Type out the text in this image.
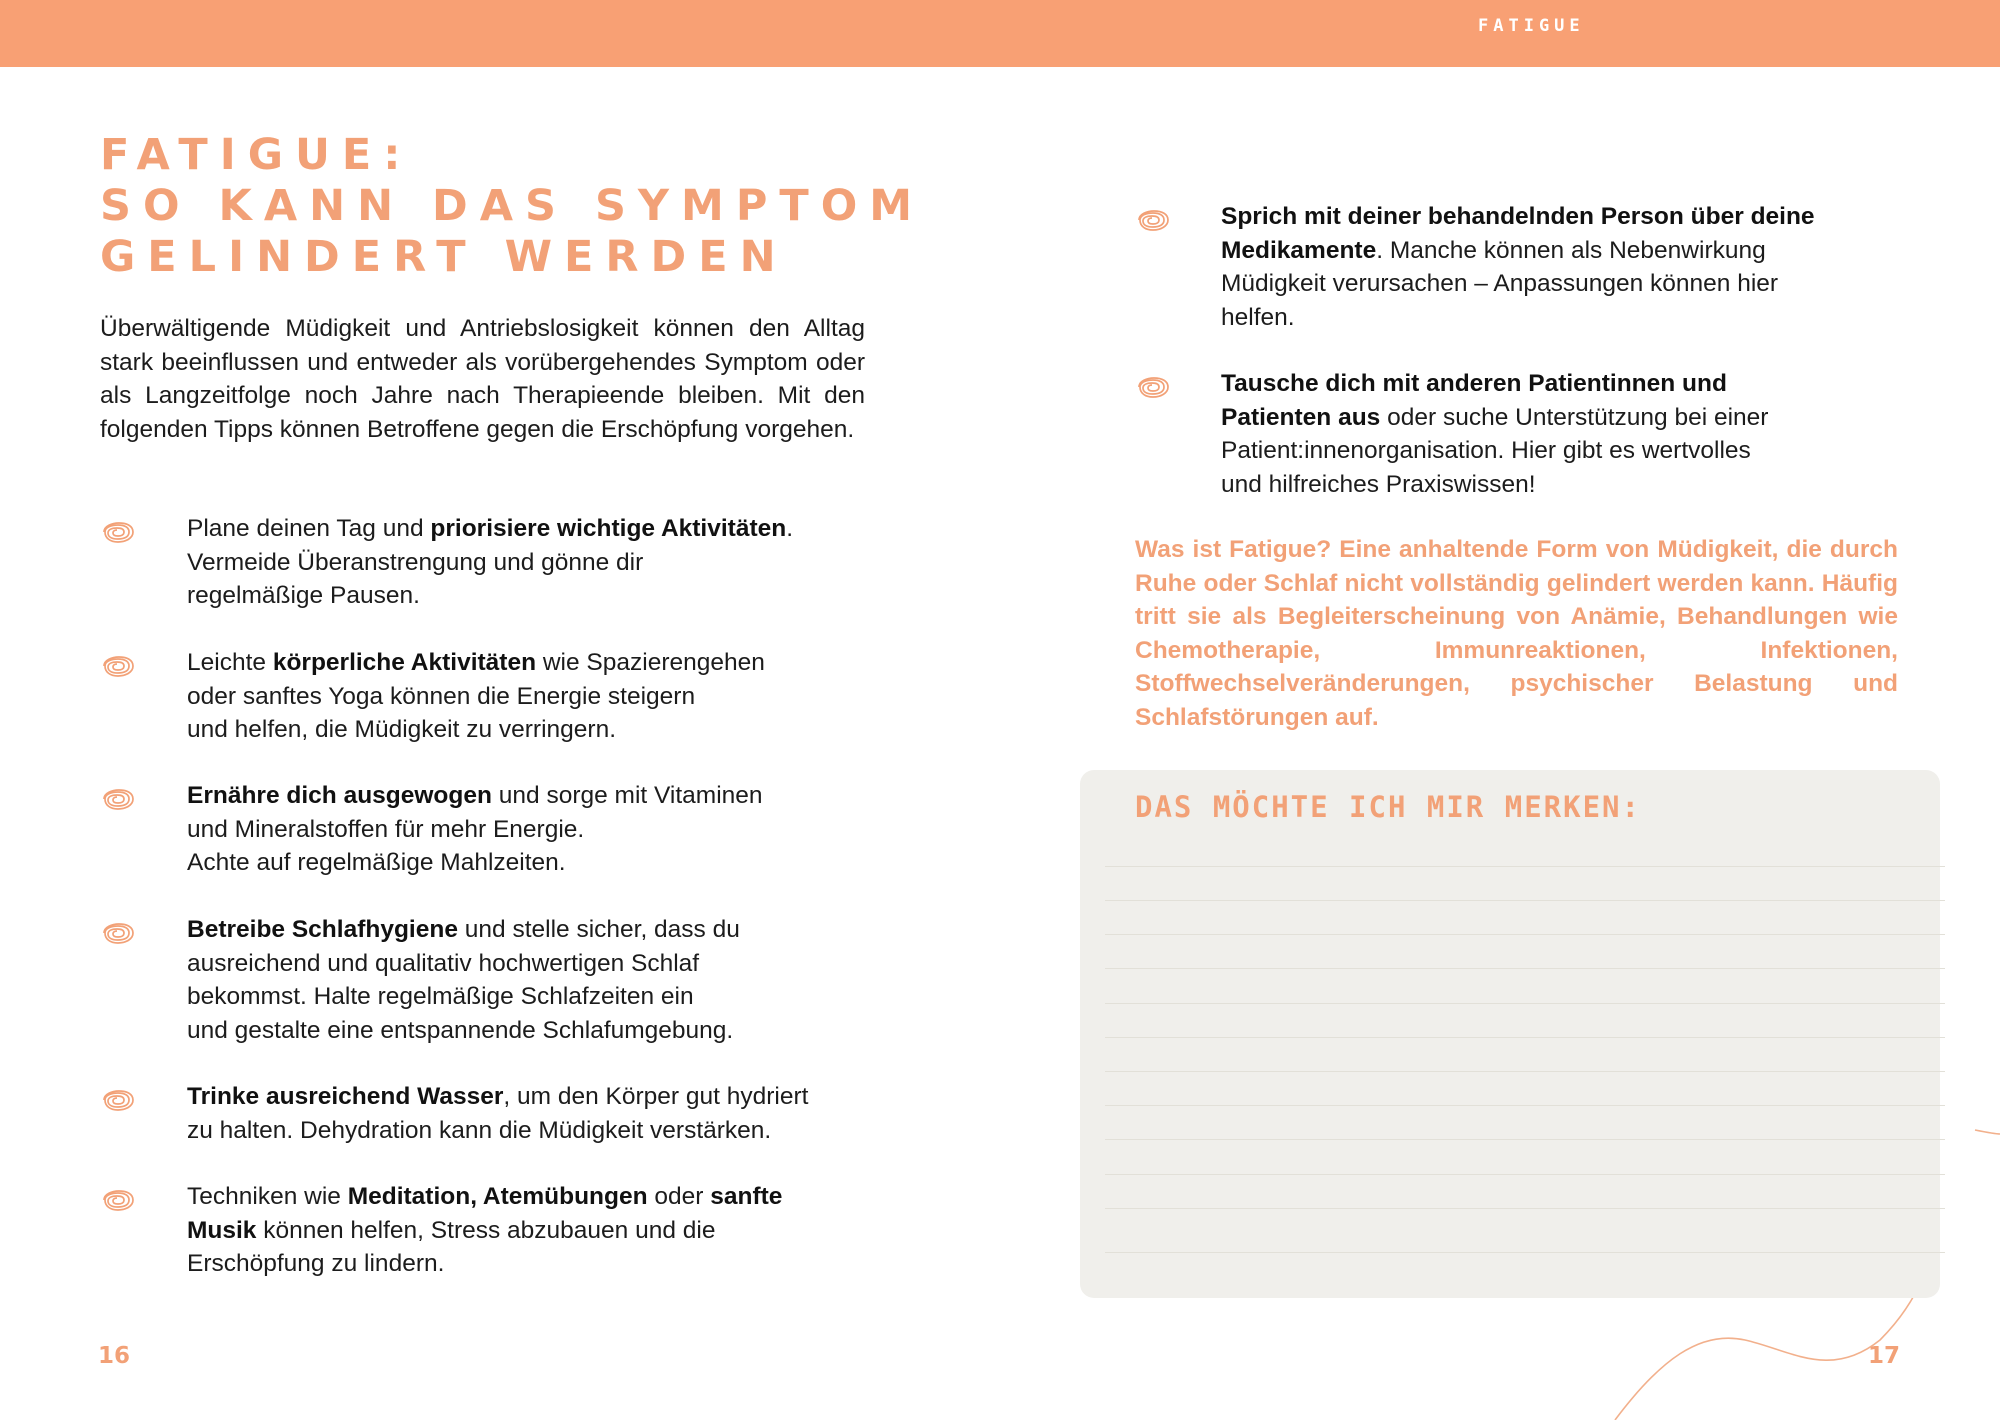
FATIGUE
FATIGUE:
SO KANN DAS SYMPTOM
GELINDERT WERDEN
Überwältigende Müdigkeit und Antriebslosigkeit können den Alltag stark beeinflussen und entweder als vorübergehendes Symptom oder als Langzeitfolge noch Jahre nach Therapieende bleiben. Mit den folgenden Tipps können Betroffene gegen die Erschöpfung vorgehen.
Plane deinen Tag und priorisiere wichtige Aktivitäten.
Vermeide Überanstrengung und gönne dir
regelmäßige Pausen.
Leichte körperliche Aktivitäten wie Spazierengehen
oder sanftes Yoga können die Energie steigern
und helfen, die Müdigkeit zu verringern.
Ernähre dich ausgewogen und sorge mit Vitaminen
und Mineralstoffen für mehr Energie.
Achte auf regelmäßige Mahlzeiten.
Betreibe Schlafhygiene und stelle sicher, dass du
ausreichend und qualitativ hochwertigen Schlaf
bekommst. Halte regelmäßige Schlafzeiten ein
und gestalte eine entspannende Schlafumgebung.
Trinke ausreichend Wasser, um den Körper gut hydriert
zu halten. Dehydration kann die Müdigkeit verstärken.
Techniken wie Meditation, Atemübungen oder sanfte
Musik können helfen, Stress abzubauen und die
Erschöpfung zu lindern.
Sprich mit deiner behandelnden Person über deine
Medikamente. Manche können als Nebenwirkung
Müdigkeit verursachen – Anpassungen können hier
helfen.
Tausche dich mit anderen Patientinnen und
Patienten aus oder suche Unterstützung bei einer
Patient:innenorganisation. Hier gibt es wertvolles
und hilfreiches Praxiswissen!
Was ist Fatigue? Eine anhaltende Form von Müdigkeit, die durch Ruhe oder Schlaf nicht vollständig gelindert werden kann. Häufig tritt sie als Begleiterscheinung von Anämie, Behandlungen wie Chemotherapie, Immunreaktionen, Infektionen, Stoffwechselveränderungen, psychischer Belastung und Schlafstörungen auf.
DAS MÖCHTE ICH MIR MERKEN:
16	17
